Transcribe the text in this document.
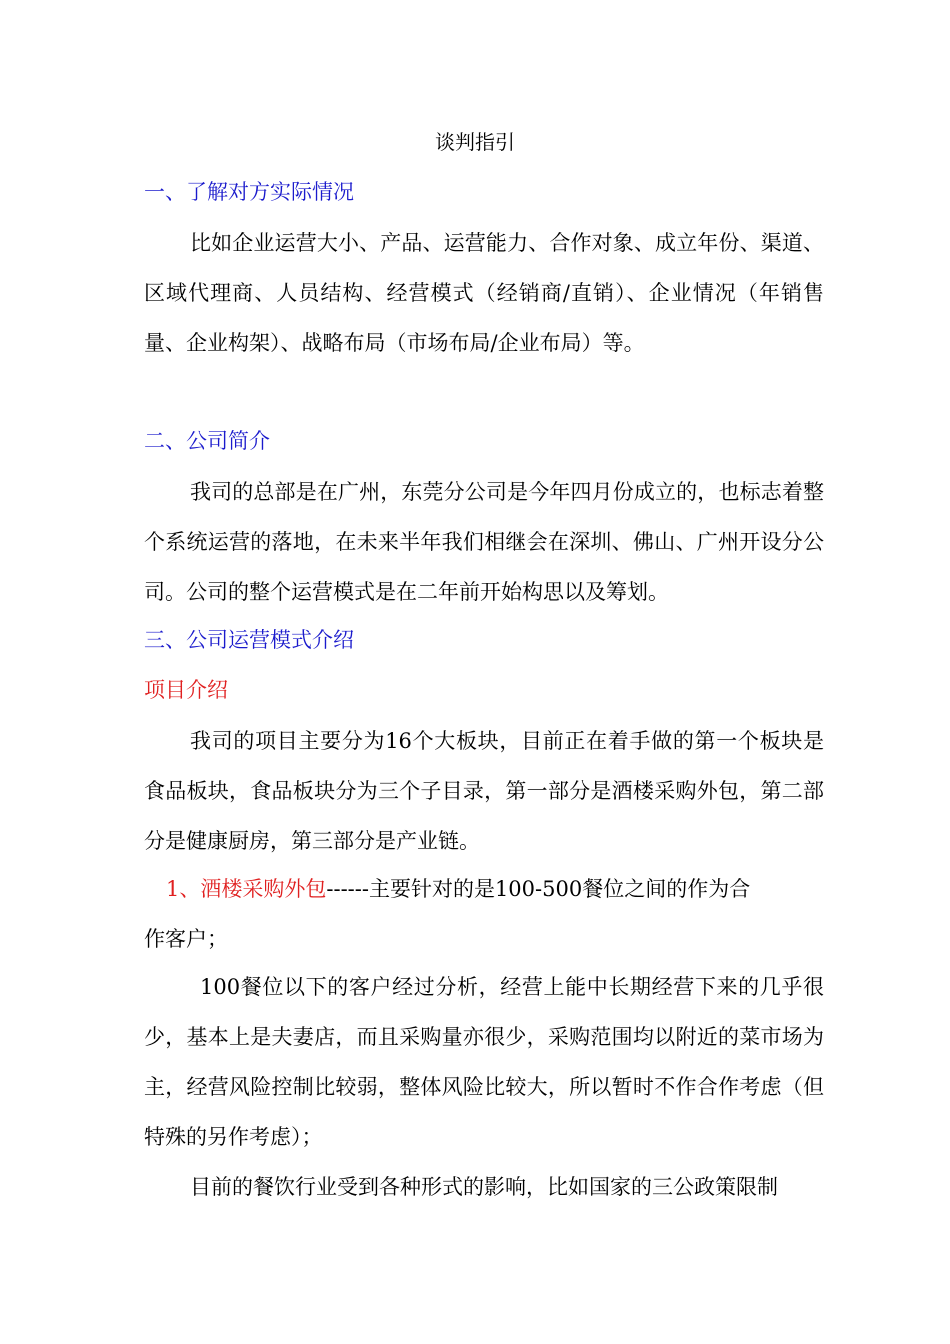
谈判指引
一、了解对方实际情况

比如企业运营大小、产品、运营能力、合作对象、成立年份、渠道、区域代理商、人员结构、经营模式（经销商/直销）、企业情况（年销售量、企业构架）、战略布局（市场布局/企业布局）等。

二、公司简介

我司的总部是在广州，东莞分公司是今年四月份成立的，也标志着整个系统运营的落地，在未来半年我们相继会在深圳、佛山、广州开设分公司。公司的整个运营模式是在二年前开始构思以及筹划。

三、公司运营模式介绍
项目介绍

我司的项目主要分为16个大板块，目前正在着手做的第一个板块是食品板块，食品板块分为三个子目录，第一部分是酒楼采购外包，第二部分是健康厨房，第三部分是产业链。

1、酒楼采购外包------主要针对的是100-500餐位之间的作为合
作客户；

100餐位以下的客户经过分析，经营上能中长期经营下来的几乎很少，基本上是夫妻店，而且采购量亦很少，采购范围均以附近的菜市场为主，经营风险控制比较弱，整体风险比较大，所以暂时不作合作考虑（但特殊的另作考虑）；

目前的餐饮行业受到各种形式的影响，比如国家的三公政策限制
